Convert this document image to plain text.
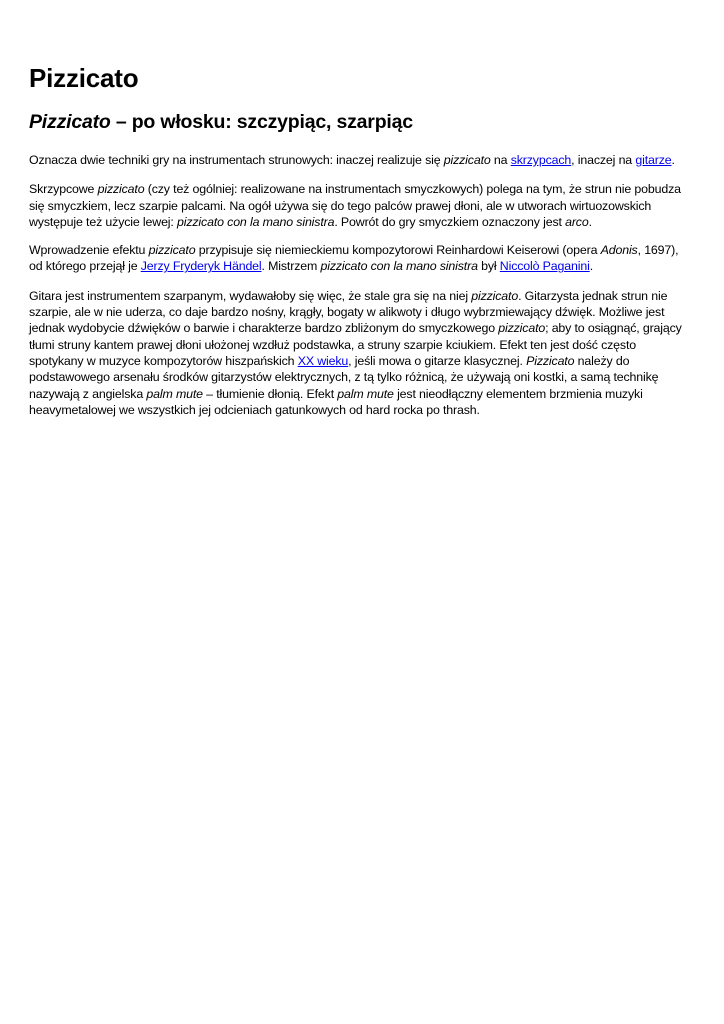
Pizzicato
Pizzicato – po włosku: szczypiąc, szarpiąc

Oznacza dwie techniki gry na instrumentach strunowych: inaczej realizuje się pizzicato na skrzypcach, inaczej na gitarze.

Skrzypcowe pizzicato (czy też ogólniej: realizowane na instrumentach smyczkowych) polega na tym, że strun nie pobudza się smyczkiem, lecz szarpie palcami. Na ogół używa się do tego palców prawej dłoni, ale w utworach wirtuozowskich występuje też użycie lewej: pizzicato con la mano sinistra. Powrót do gry smyczkiem oznaczony jest arco.

Wprowadzenie efektu pizzicato przypisuje się niemieckiemu kompozytorowi Reinhardowi Keiserowi (opera Adonis, 1697), od którego przejął je Jerzy Fryderyk Händel. Mistrzem pizzicato con la mano sinistra był Niccolò Paganini.

Gitara jest instrumentem szarpanym, wydawałoby się więc, że stale gra się na niej pizzicato. Gitarzysta jednak strun nie szarpie, ale w nie uderza, co daje bardzo nośny, krągły, bogaty w alikwoty i długo wybrzmiewający dźwięk. Możliwe jest jednak wydobycie dźwięków o barwie i charakterze bardzo zbliżonym do smyczkowego pizzicato; aby to osiągnąć, grający tłumi struny kantem prawej dłoni ułożonej wzdłuż podstawka, a struny szarpie kciukiem. Efekt ten jest dość często spotykany w muzyce kompozytorów hiszpańskich XX wieku, jeśli mowa o gitarze klasycznej. Pizzicato należy do podstawowego arsenału środków gitarzystów elektrycznych, z tą tylko różnicą, że używają oni kostki, a samą technikę nazywają z angielska palm mute – tłumienie dłonią. Efekt palm mute jest nieodłączny elementem brzmienia muzyki heavymetalowej we wszystkich jej odcieniach gatunkowych od hard rocka po thrash.
